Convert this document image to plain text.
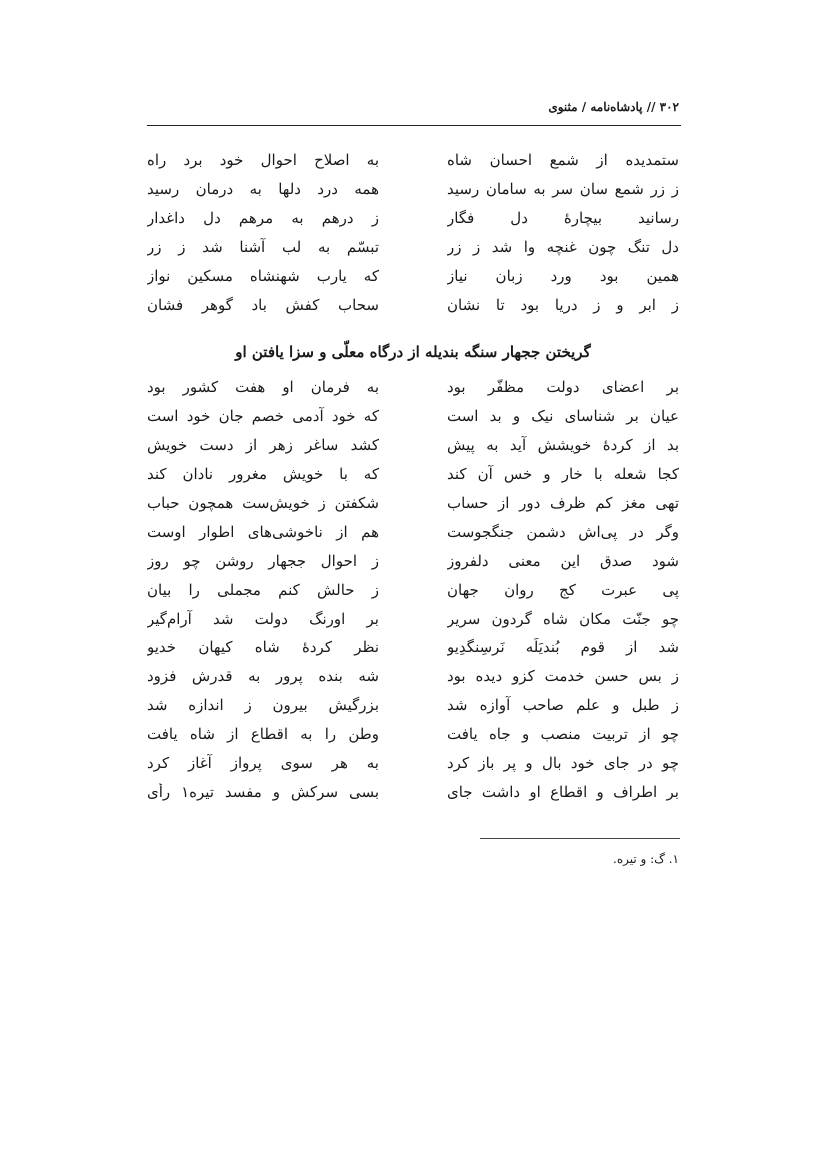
۳۰۲ // پادشاه‌نامه / مثنوی
ستمدیده از شمع احسان شاه
به اصلاح احوال خود برد راه
ز زر شمع سان سر به سامان رسید
همه درد دلها به درمان رسید
رسانید بیچارهٔ دل فگار
ز درهم به مرهم دل داغدار
دل تنگ چون غنچه وا شد ز زر
تبسّم به لب آشنا شد ز زر
همین بود ورد زبان نیاز
که یارب شهنشاه مسکین نواز
ز ابر و ز دریا بود تا نشان
سحاب کفش باد گوهر فشان
گریختن ججهار سنگه بندیله از درگاه معلّی و سزا یافتن او
بر اعضای دولت مظفّر بود
به فرمان او هفت کشور بود
عیان بر شناسای نیک و بد است
که خود آدمی خصم جان خود است
بد از کردهٔ خویشش آید به پیش
کشد ساغر زهر از دست خویش
کجا شعله با خار و خس آن کند
که با خویش مغرور نادان کند
تهی مغز کم ظرف دور از حساب
شکفتن ز خویش‌ست همچون حباب
وگر در پی‌اش دشمن جنگجوست
هم از ناخوشی‌های اطوار اوست
شود صدق این معنی دلفروز
ز احوال ججهار روشن چو روز
پی عبرت کج روان جهان
ز حالش کنم مجملی را بیان
چو جنّت مکان شاه گردون سریر
بر اورنگ دولت شد آرام‌گیر
شد از قوم بُندیَلَه نَرسِنگدِیو
نظر کردهٔ شاه کیهان خدیو
ز بس حسن خدمت کزو دیده بود
شه بنده پرور به قدرش فزود
ز طبل و علم صاحب آوازه شد
بزرگیش بیرون ز اندازه شد
چو از تربیت منصب و جاه یافت
وطن را به اقطاع از شاه یافت
چو در جای خود بال و پر باز کرد
به هر سوی پرواز آغاز کرد
بر اطراف و اقطاع او داشت جای
بسی سرکش و مفسد تیره۱ رأی
۱. گ: و تیره.
